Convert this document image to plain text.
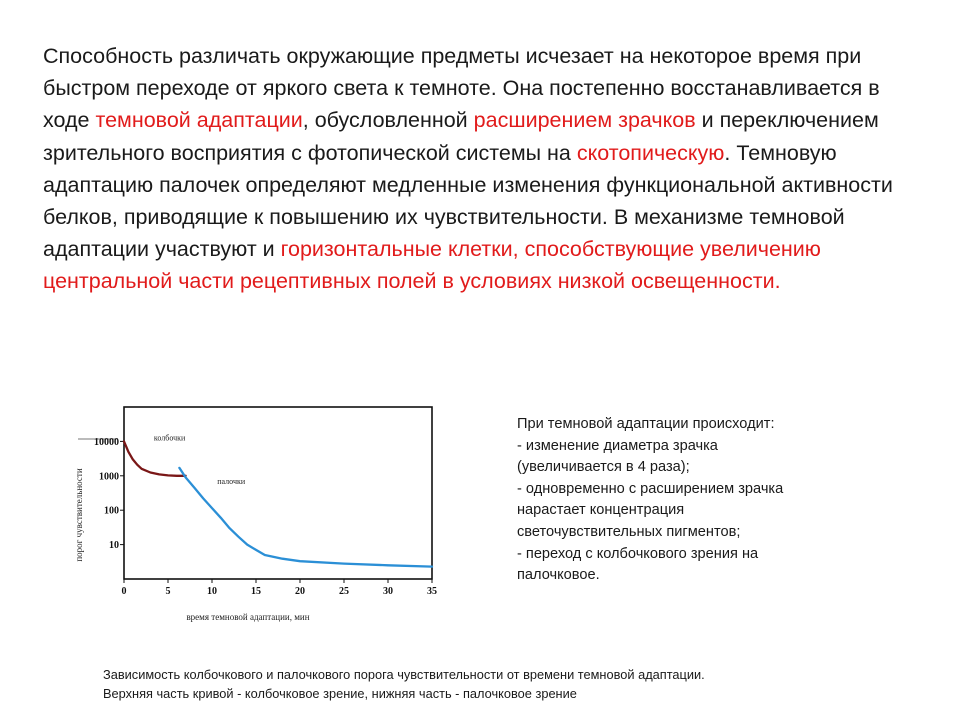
Способность различать окружающие предметы исчезает на некоторое время при быстром переходе от яркого света к темноте. Она постепенно восстанавливается в ходе темновой адаптации, обусловленной расширением зрачков и переключением зрительного восприятия с фотопической системы на скотопическую. Темновую адаптацию палочек определяют медленные изменения функциональной активности белков, приводящие к повышению их чувствительности. В механизме темновой адаптации участвуют и горизонтальные клетки, способствующие увеличению центральной части рецептивных полей в условиях низкой освещенности.

10000
1000
100
10
0	5	10	15	20	25	30	35
колбочки
палочки
время темновой адаптации, мин
порог чувствительности
При темновой адаптации происходит:
- изменение диаметра зрачка
(увеличивается в 4 раза);
- одновременно с расширением зрачка
нарастает концентрация
светочувствительных пигментов;
- переход с колбочкового зрения на
палочковое.
Зависимость колбочкового и палочкового порога чувствительности от времени темновой адаптации.
Верхняя часть кривой - колбочковое зрение, нижняя часть - палочковое зрение
